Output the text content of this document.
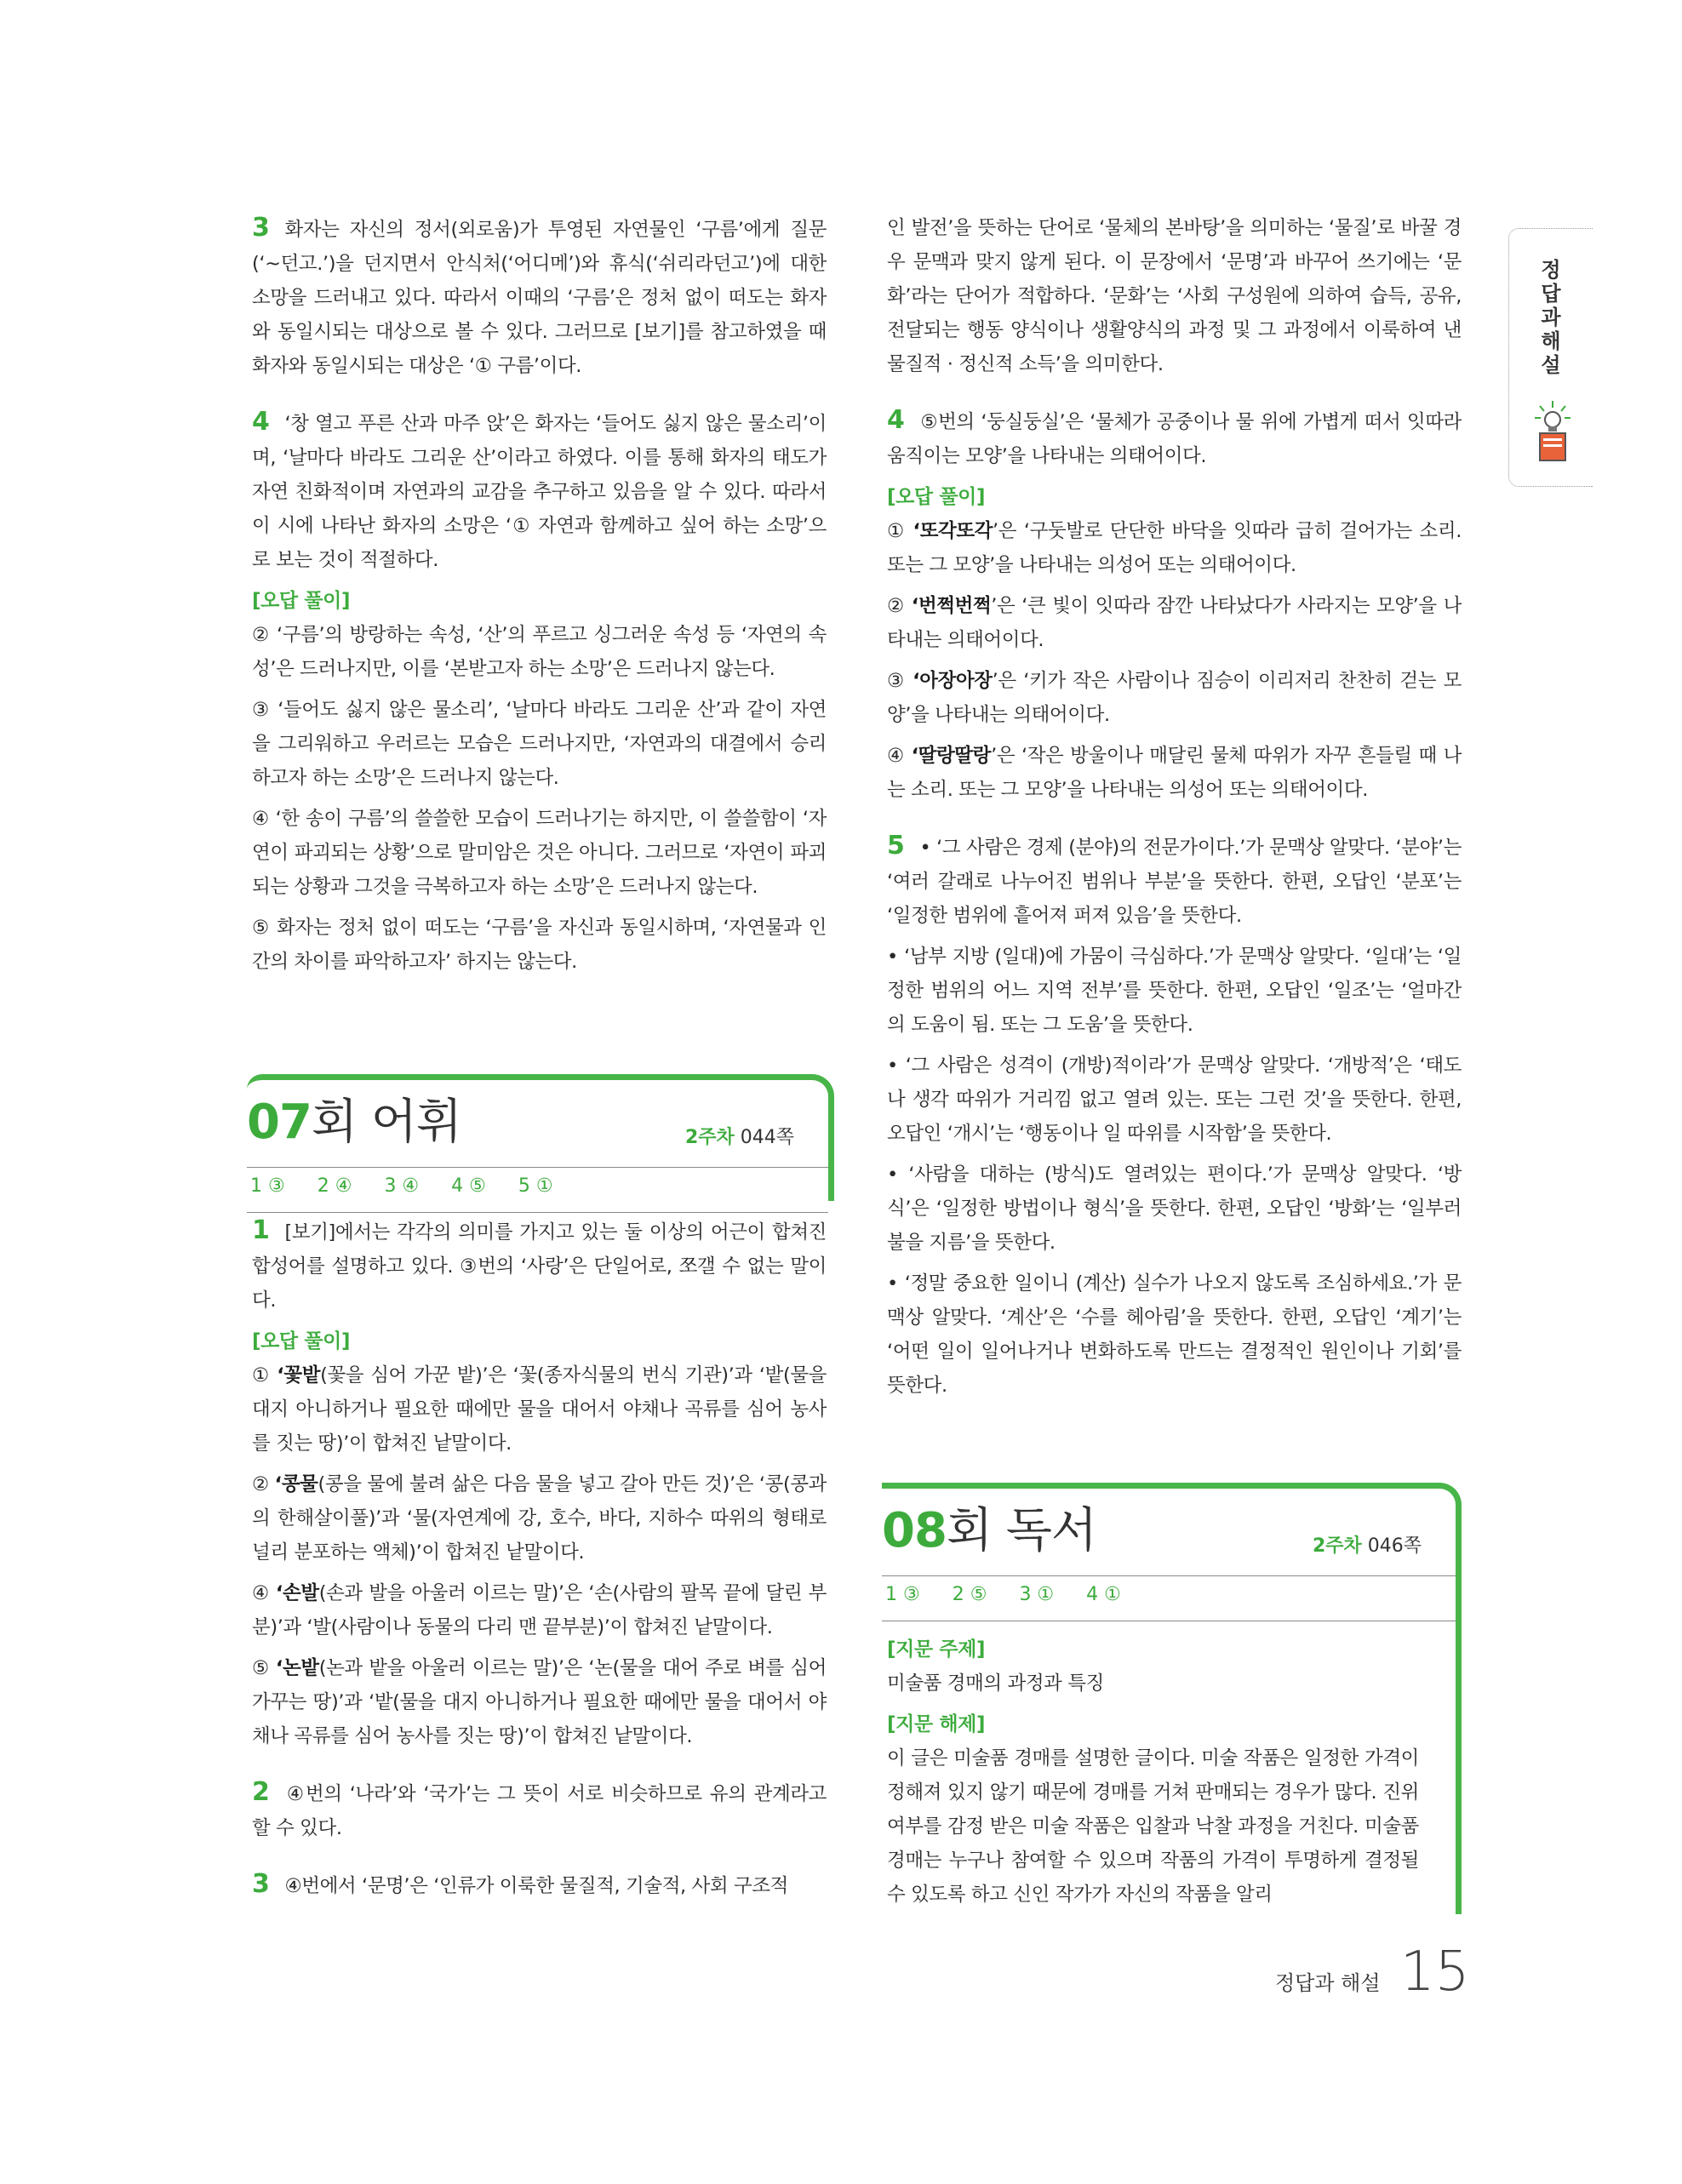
3 화자는 자신의 정서(외로움)가 투영된 자연물인 ‘구름’에게 질문(‘~던고.’)을 던지면서 안식처(‘어디메’)와 휴식(‘쉬리라던고’)에 대한 소망을 드러내고 있다. 따라서 이때의 ‘구름’은 정처 없이 떠도는 화자와 동일시되는 대상으로 볼 수 있다. 그러므로 [보기]를 참고하였을 때 화자와 동일시되는 대상은 ‘① 구름’이다.

4 ‘창 열고 푸른 산과 마주 앉’은 화자는 ‘들어도 싫지 않은 물소리’이며, ‘날마다 바라도 그리운 산’이라고 하였다. 이를 통해 화자의 태도가 자연 친화적이며 자연과의 교감을 추구하고 있음을 알 수 있다. 따라서 이 시에 나타난 화자의 소망은 ‘① 자연과 함께하고 싶어 하는 소망’으로 보는 것이 적절하다.

[오답 풀이]

② ‘구름’의 방랑하는 속성, ‘산’의 푸르고 싱그러운 속성 등 ‘자연의 속성’은 드러나지만, 이를 ‘본받고자 하는 소망’은 드러나지 않는다.

③ ‘들어도 싫지 않은 물소리’, ‘날마다 바라도 그리운 산’과 같이 자연을 그리워하고 우러르는 모습은 드러나지만, ‘자연과의 대결에서 승리하고자 하는 소망’은 드러나지 않는다.

④ ‘한 송이 구름’의 쓸쓸한 모습이 드러나기는 하지만, 이 쓸쓸함이 ‘자연이 파괴되는 상황’으로 말미암은 것은 아니다. 그러므로 ‘자연이 파괴되는 상황과 그것을 극복하고자 하는 소망’은 드러나지 않는다.

⑤ 화자는 정처 없이 떠도는 ‘구름’을 자신과 동일시하며, ‘자연물과 인간의 차이를 파악하고자’ 하지는 않는다.

07회 어휘	2주차 044쪽
1 ③ 2 ④ 3 ④ 4 ⑤ 5 ①

1 [보기]에서는 각각의 의미를 가지고 있는 둘 이상의 어근이 합쳐진 합성어를 설명하고 있다. ③번의 ‘사랑’은 단일어로, 쪼갤 수 없는 말이다.

[오답 풀이]

① ‘꽃밭(꽃을 심어 가꾼 밭)’은 ‘꽃(종자식물의 번식 기관)’과 ‘밭(물을 대지 아니하거나 필요한 때에만 물을 대어서 야채나 곡류를 심어 농사를 짓는 땅)’이 합쳐진 낱말이다.

② ‘콩물(콩을 물에 불려 삶은 다음 물을 넣고 갈아 만든 것)’은 ‘콩(콩과의 한해살이풀)’과 ‘물(자연계에 강, 호수, 바다, 지하수 따위의 형태로 널리 분포하는 액체)’이 합쳐진 낱말이다.

④ ‘손발(손과 발을 아울러 이르는 말)’은 ‘손(사람의 팔목 끝에 달린 부분)’과 ‘발(사람이나 동물의 다리 맨 끝부분)’이 합쳐진 낱말이다.

⑤ ‘논밭(논과 밭을 아울러 이르는 말)’은 ‘논(물을 대어 주로 벼를 심어 가꾸는 땅)’과 ‘밭(물을 대지 아니하거나 필요한 때에만 물을 대어서 야채나 곡류를 심어 농사를 짓는 땅)’이 합쳐진 낱말이다.

2 ④번의 ‘나라’와 ‘국가’는 그 뜻이 서로 비슷하므로 유의 관계라고 할 수 있다.

3 ④번에서 ‘문명’은 ‘인류가 이룩한 물질적, 기술적, 사회 구조적

인 발전’을 뜻하는 단어로 ‘물체의 본바탕’을 의미하는 ‘물질’로 바꿀 경우 문맥과 맞지 않게 된다. 이 문장에서 ‘문명’과 바꾸어 쓰기에는 ‘문화’라는 단어가 적합하다. ‘문화’는 ‘사회 구성원에 의하여 습득, 공유, 전달되는 행동 양식이나 생활양식의 과정 및 그 과정에서 이룩하여 낸 물질적 · 정신적 소득’을 의미한다.

4 ⑤번의 ‘둥실둥실’은 ‘물체가 공중이나 물 위에 가볍게 떠서 잇따라 움직이는 모양’을 나타내는 의태어이다.

[오답 풀이]

① ‘또각또각’은 ‘구둣발로 단단한 바닥을 잇따라 급히 걸어가는 소리. 또는 그 모양’을 나타내는 의성어 또는 의태어이다.

② ‘번쩍번쩍’은 ‘큰 빛이 잇따라 잠깐 나타났다가 사라지는 모양’을 나타내는 의태어이다.

③ ‘아장아장’은 ‘키가 작은 사람이나 짐승이 이리저리 찬찬히 걷는 모양’을 나타내는 의태어이다.

④ ‘딸랑딸랑’은 ‘작은 방울이나 매달린 물체 따위가 자꾸 흔들릴 때 나는 소리. 또는 그 모양’을 나타내는 의성어 또는 의태어이다.

5 • ‘그 사람은 경제 (분야)의 전문가이다.’가 문맥상 알맞다. ‘분야’는 ‘여러 갈래로 나누어진 범위나 부분’을 뜻한다. 한편, 오답인 ‘분포’는 ‘일정한 범위에 흩어져 퍼져 있음’을 뜻한다.

• ‘남부 지방 (일대)에 가뭄이 극심하다.’가 문맥상 알맞다. ‘일대’는 ‘일정한 범위의 어느 지역 전부’를 뜻한다. 한편, 오답인 ‘일조’는 ‘얼마간의 도움이 됨. 또는 그 도움’을 뜻한다.

• ‘그 사람은 성격이 (개방)적이라’가 문맥상 알맞다. ‘개방적’은 ‘태도나 생각 따위가 거리낌 없고 열려 있는. 또는 그런 것’을 뜻한다. 한편, 오답인 ‘개시’는 ‘행동이나 일 따위를 시작함’을 뜻한다.

• ‘사람을 대하는 (방식)도 열려있는 편이다.’가 문맥상 알맞다. ‘방식’은 ‘일정한 방법이나 형식’을 뜻한다. 한편, 오답인 ‘방화’는 ‘일부러 불을 지름’을 뜻한다.

• ‘정말 중요한 일이니 (계산) 실수가 나오지 않도록 조심하세요.’가 문맥상 알맞다. ‘계산’은 ‘수를 헤아림’을 뜻한다. 한편, 오답인 ‘계기’는 ‘어떤 일이 일어나거나 변화하도록 만드는 결정적인 원인이나 기회’를 뜻한다.

08회 독서	2주차 046쪽
1 ③ 2 ⑤ 3 ① 4 ①
[지문 주제]

미술품 경매의 과정과 특징

[지문 해제]

이 글은 미술품 경매를 설명한 글이다. 미술 작품은 일정한 가격이 정해져 있지 않기 때문에 경매를 거쳐 판매되는 경우가 많다. 진위 여부를 감정 받은 미술 작품은 입찰과 낙찰 과정을 거친다. 미술품 경매는 누구나 참여할 수 있으며 작품의 가격이 투명하게 결정될 수 있도록 하고 신인 작가가 자신의 작품을 알리

정
답
과
해
설
정답과 해설 15
